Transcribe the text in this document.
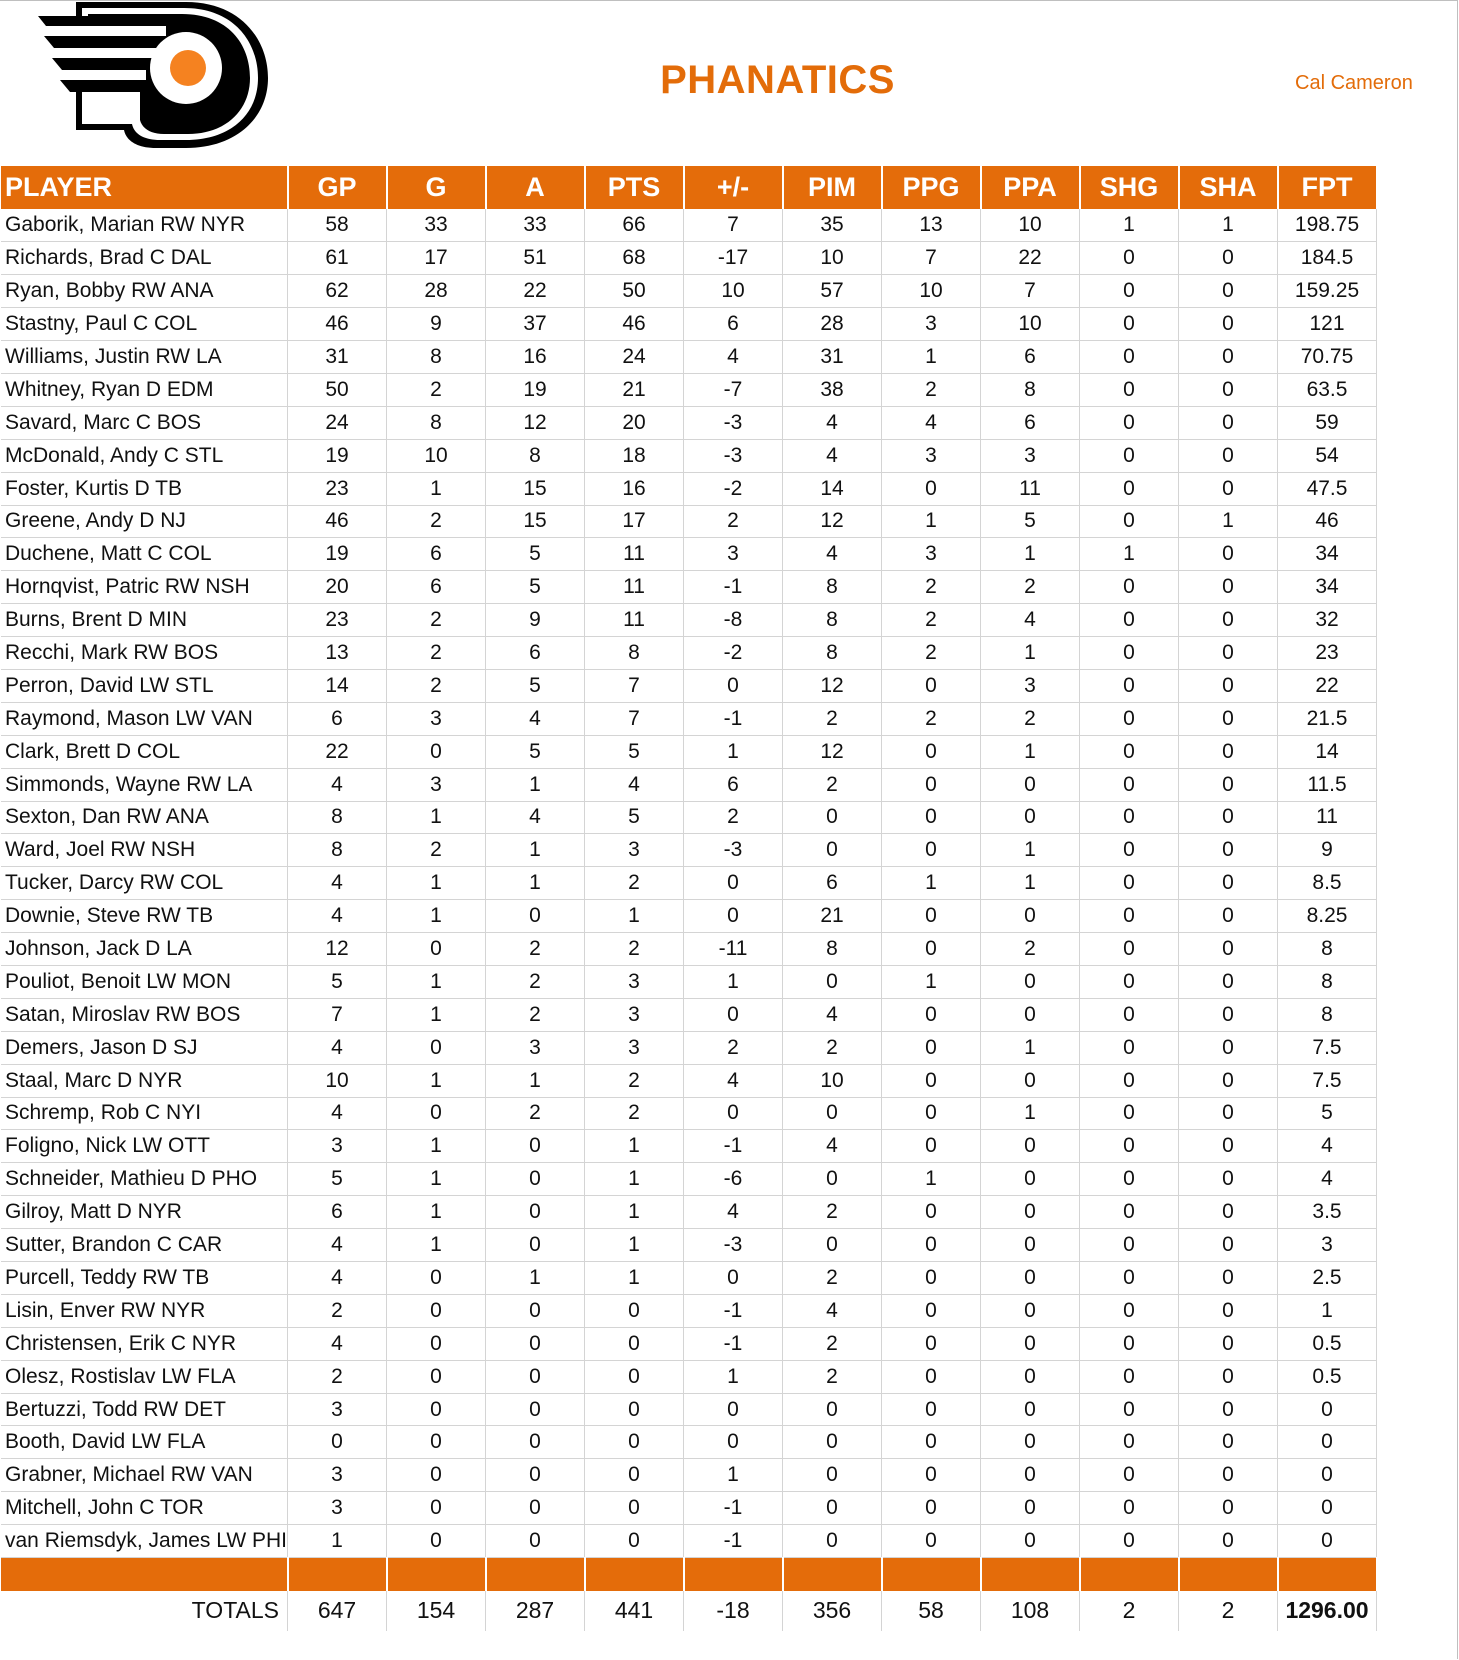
®
PHANATICS	Cal Cameron
PLAYER	GP	G	A	PTS	+/-	PIM	PPG	PPA	SHG	SHA	FPT
Gaborik, Marian RW NYR	58	33	33	66	7	35	13	10	1	1	198.75
Richards, Brad C DAL	61	17	51	68	-17	10	7	22	0	0	184.5
Ryan, Bobby RW ANA	62	28	22	50	10	57	10	7	0	0	159.25
Stastny, Paul C COL	46	9	37	46	6	28	3	10	0	0	121
Williams, Justin RW LA	31	8	16	24	4	31	1	6	0	0	70.75
Whitney, Ryan D EDM	50	2	19	21	-7	38	2	8	0	0	63.5
Savard, Marc C BOS	24	8	12	20	-3	4	4	6	0	0	59
McDonald, Andy C STL	19	10	8	18	-3	4	3	3	0	0	54
Foster, Kurtis D TB	23	1	15	16	-2	14	0	11	0	0	47.5
Greene, Andy D NJ	46	2	15	17	2	12	1	5	0	1	46
Duchene, Matt C COL	19	6	5	11	3	4	3	1	1	0	34
Hornqvist, Patric RW NSH	20	6	5	11	-1	8	2	2	0	0	34
Burns, Brent D MIN	23	2	9	11	-8	8	2	4	0	0	32
Recchi, Mark RW BOS	13	2	6	8	-2	8	2	1	0	0	23
Perron, David LW STL	14	2	5	7	0	12	0	3	0	0	22
Raymond, Mason LW VAN	6	3	4	7	-1	2	2	2	0	0	21.5
Clark, Brett D COL	22	0	5	5	1	12	0	1	0	0	14
Simmonds, Wayne RW LA	4	3	1	4	6	2	0	0	0	0	11.5
Sexton, Dan RW ANA	8	1	4	5	2	0	0	0	0	0	11
Ward, Joel RW NSH	8	2	1	3	-3	0	0	1	0	0	9
Tucker, Darcy RW COL	4	1	1	2	0	6	1	1	0	0	8.5
Downie, Steve RW TB	4	1	0	1	0	21	0	0	0	0	8.25
Johnson, Jack D LA	12	0	2	2	-11	8	0	2	0	0	8
Pouliot, Benoit LW MON	5	1	2	3	1	0	1	0	0	0	8
Satan, Miroslav RW BOS	7	1	2	3	0	4	0	0	0	0	8
Demers, Jason D SJ	4	0	3	3	2	2	0	1	0	0	7.5
Staal, Marc D NYR	10	1	1	2	4	10	0	0	0	0	7.5
Schremp, Rob C NYI	4	0	2	2	0	0	0	1	0	0	5
Foligno, Nick LW OTT	3	1	0	1	-1	4	0	0	0	0	4
Schneider, Mathieu D PHO	5	1	0	1	-6	0	1	0	0	0	4
Gilroy, Matt D NYR	6	1	0	1	4	2	0	0	0	0	3.5
Sutter, Brandon C CAR	4	1	0	1	-3	0	0	0	0	0	3
Purcell, Teddy RW TB	4	0	1	1	0	2	0	0	0	0	2.5
Lisin, Enver RW NYR	2	0	0	0	-1	4	0	0	0	0	1
Christensen, Erik C NYR	4	0	0	0	-1	2	0	0	0	0	0.5
Olesz, Rostislav LW FLA	2	0	0	0	1	2	0	0	0	0	0.5
Bertuzzi, Todd RW DET	3	0	0	0	0	0	0	0	0	0	0
Booth, David LW FLA	0	0	0	0	0	0	0	0	0	0	0
Grabner, Michael RW VAN	3	0	0	0	1	0	0	0	0	0	0
Mitchell, John C TOR	3	0	0	0	-1	0	0	0	0	0	0
van Riemsdyk, James LW PHI	1	0	0	0	-1	0	0	0	0	0	0

TOTALS	647	154	287	441	-18	356	58	108	2	2	1296.00
